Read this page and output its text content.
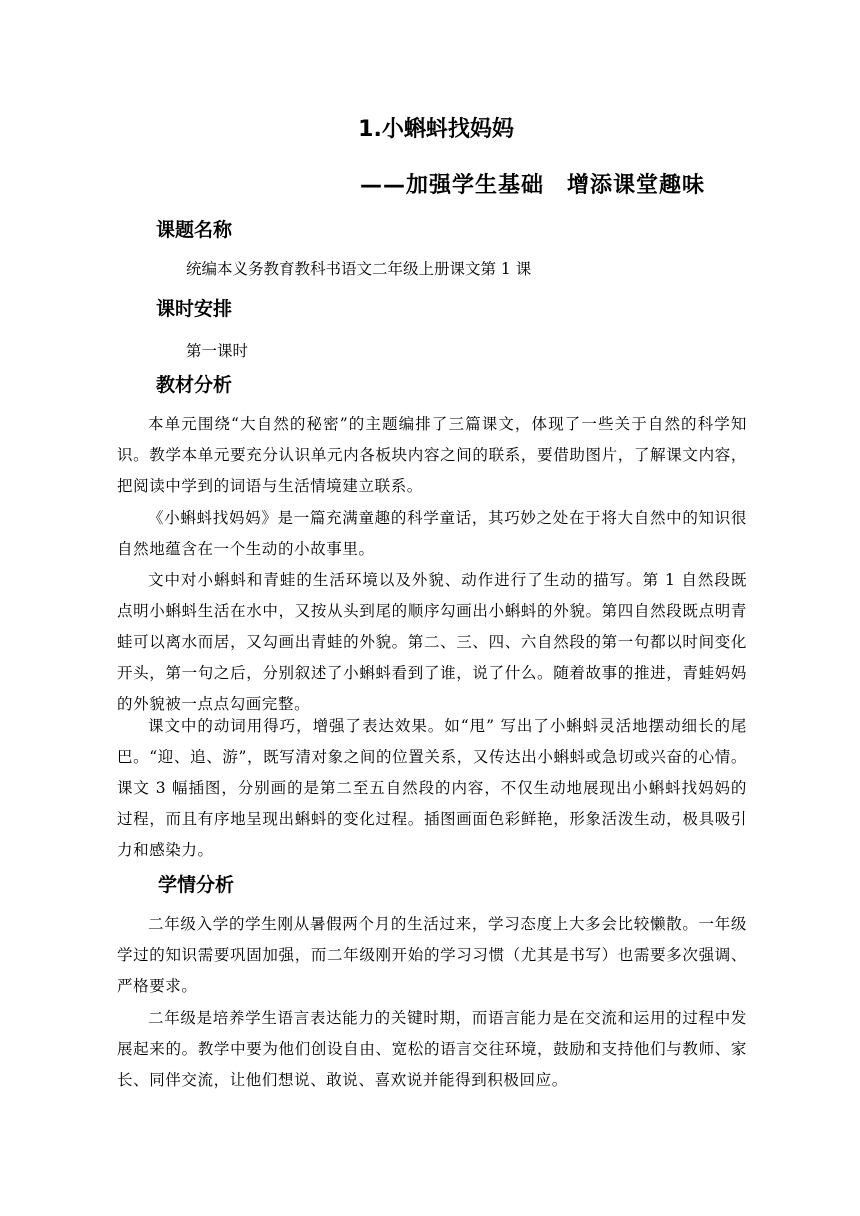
1.小蝌蚪找妈妈
——加强学生基础　增添课堂趣味
课题名称
统编本义务教育教科书语文二年级上册课文第 1 课
课时安排
第一课时
教材分析

本单元围绕“大自然的秘密”的主题编排了三篇课文，体现了一些关于自然的科学知识。教学本单元要充分认识单元内各板块内容之间的联系，要借助图片，了解课文内容，把阅读中学到的词语与生活情境建立联系。

《小蝌蚪找妈妈》是一篇充满童趣的科学童话，其巧妙之处在于将大自然中的知识很自然地蕴含在一个生动的小故事里。

文中对小蝌蚪和青蛙的生活环境以及外貌、动作进行了生动的描写。第 1 自然段既点明小蝌蚪生活在水中，又按从头到尾的顺序勾画出小蝌蚪的外貌。第四自然段既点明青蛙可以离水而居，又勾画出青蛙的外貌。第二、三、四、六自然段的第一句都以时间变化开头，第一句之后，分别叙述了小蝌蚪看到了谁，说了什么。随着故事的推进，青蛙妈妈的外貌被一点点勾画完整。

课文中的动词用得巧，增强了表达效果。如“甩” 写出了小蝌蚪灵活地摆动细长的尾巴。“迎、追、游”，既写清对象之间的位置关系，又传达出小蝌蚪或急切或兴奋的心情。课文 3 幅插图，分别画的是第二至五自然段的内容，不仅生动地展现出小蝌蚪找妈妈的过程，而且有序地呈现出蝌蚪的变化过程。插图画面色彩鲜艳，形象活泼生动，极具吸引力和感染力。

学情分析

二年级入学的学生刚从暑假两个月的生活过来，学习态度上大多会比较懒散。一年级学过的知识需要巩固加强，而二年级刚开始的学习习惯（尤其是书写）也需要多次强调、严格要求。

二年级是培养学生语言表达能力的关键时期，而语言能力是在交流和运用的过程中发展起来的。教学中要为他们创设自由、宽松的语言交往环境，鼓励和支持他们与教师、家长、同伴交流，让他们想说、敢说、喜欢说并能得到积极回应。
